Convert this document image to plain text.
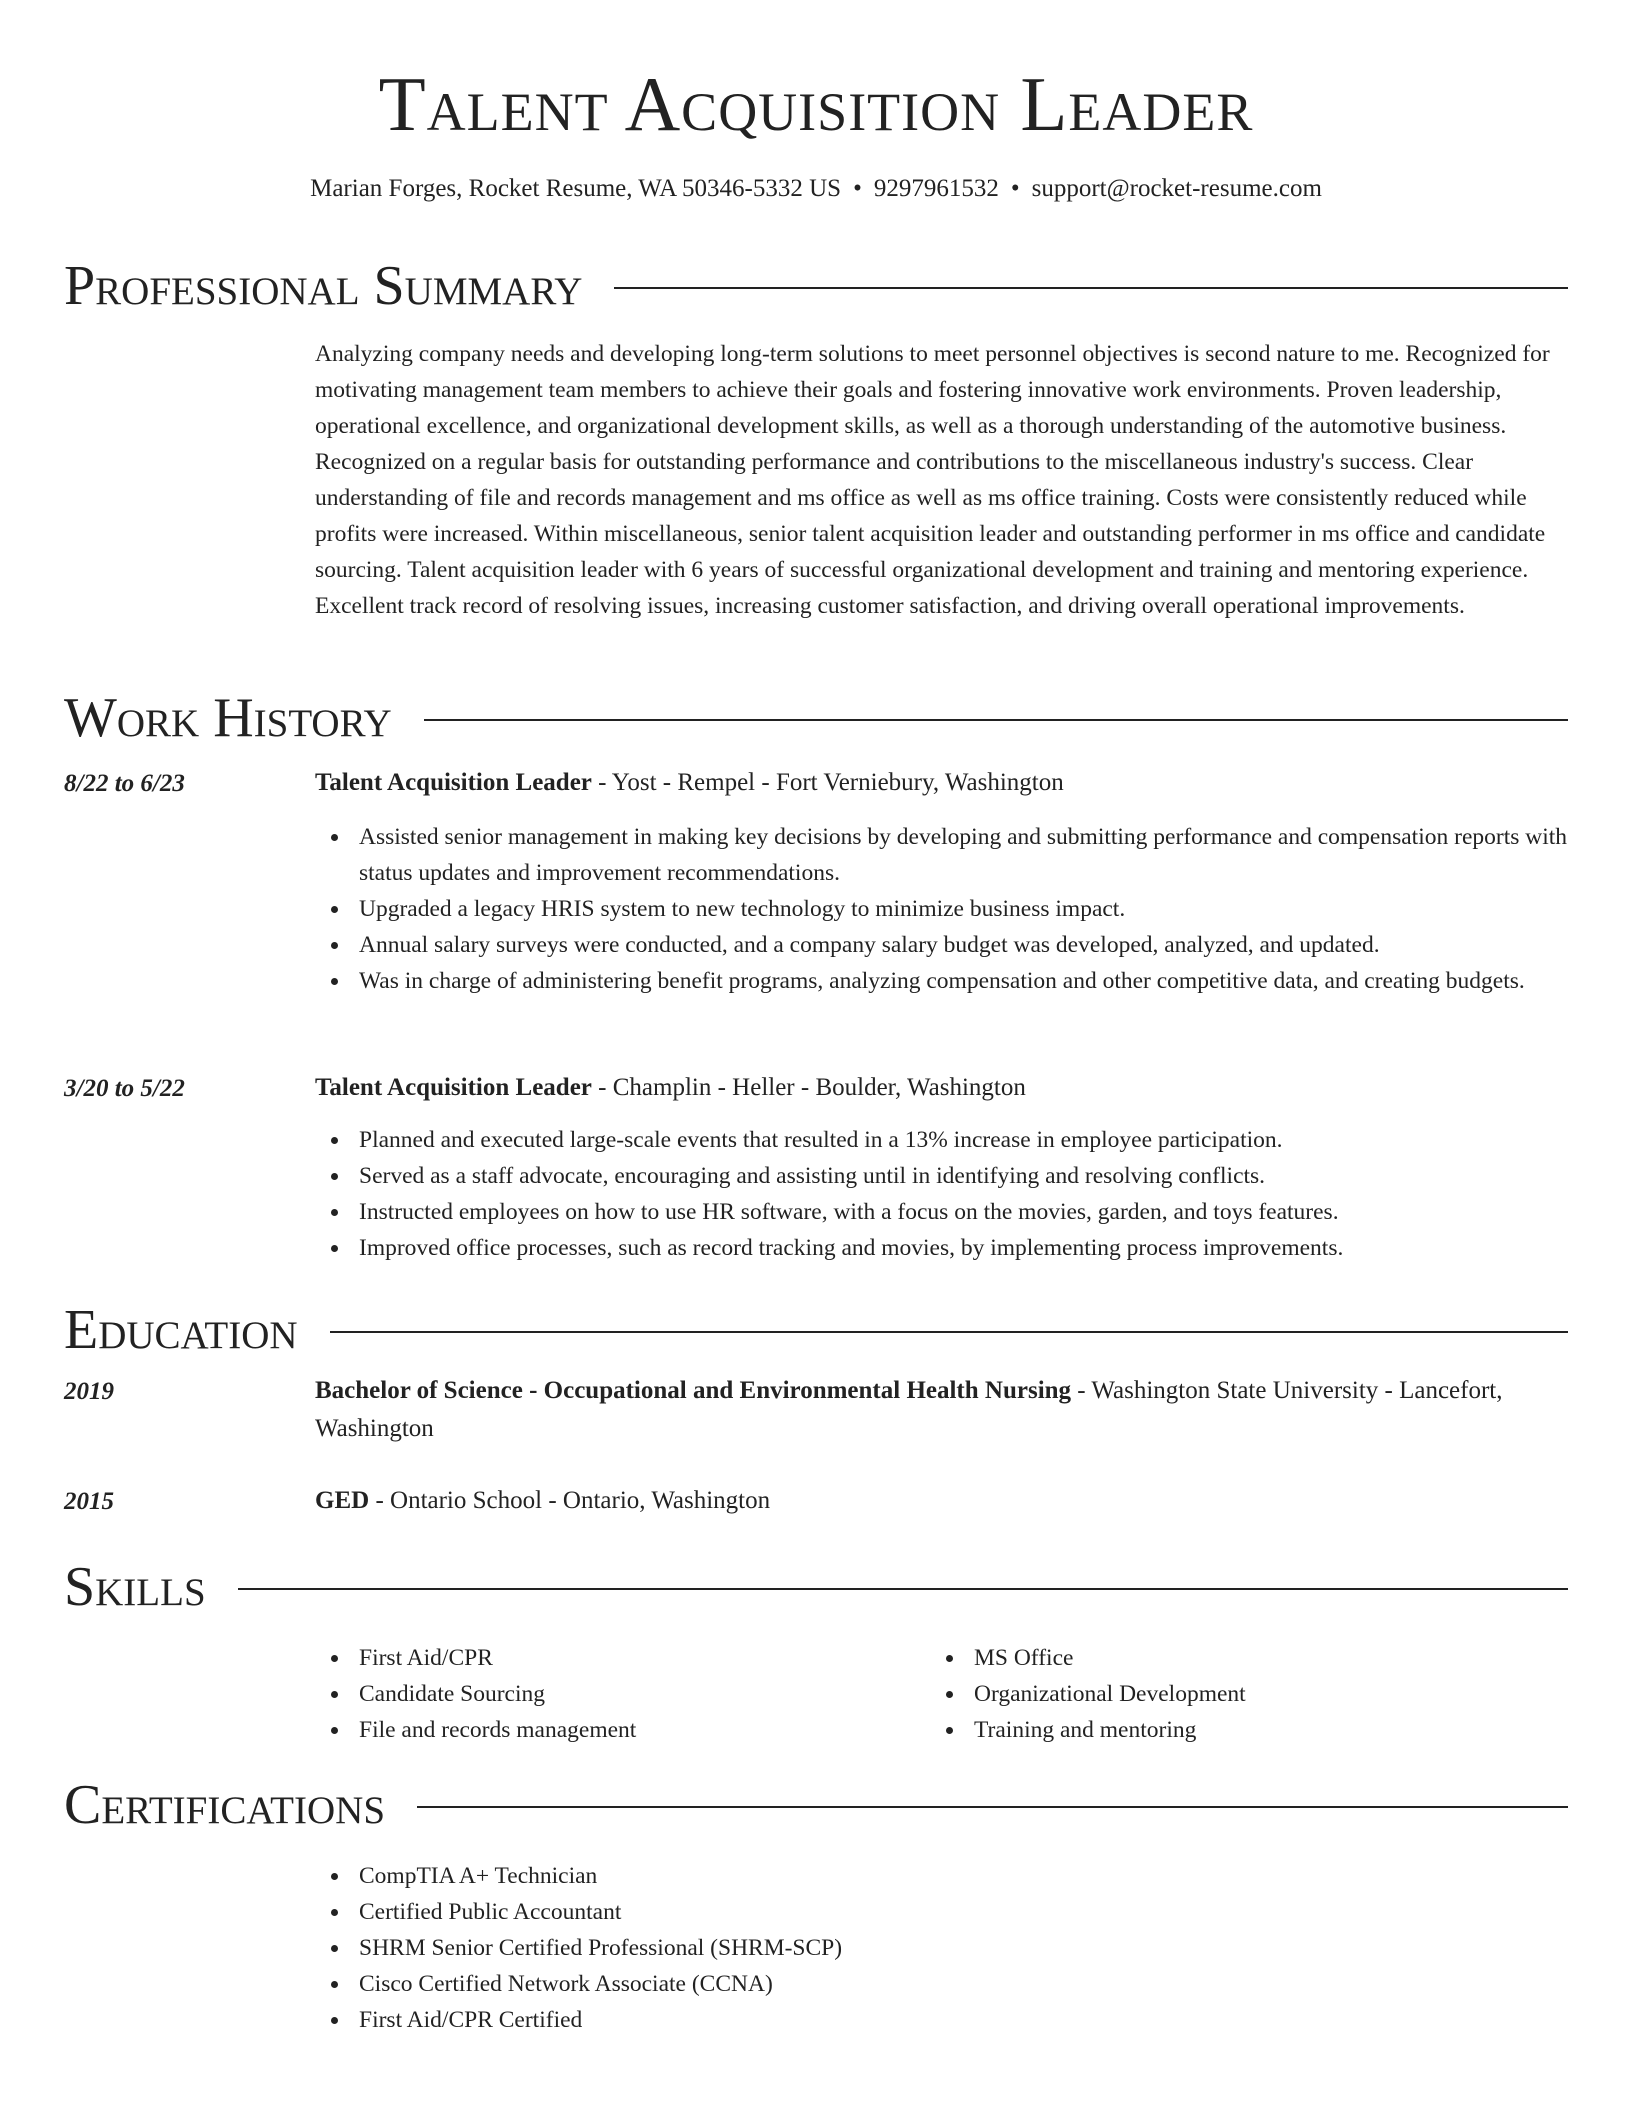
Talent Acquisition Leader
Marian Forges, Rocket Resume, WA 50346-5332 US • 9297961532 • support@rocket-resume.com
Professional Summary
Analyzing company needs and developing long-term solutions to meet personnel objectives is second nature to me. Recognized for motivating management team members to achieve their goals and fostering innovative work environments. Proven leadership, operational excellence, and organizational development skills, as well as a thorough understanding of the automotive business. Recognized on a regular basis for outstanding performance and contributions to the miscellaneous industry's success. Clear understanding of file and records management and ms office as well as ms office training. Costs were consistently reduced while profits were increased. Within miscellaneous, senior talent acquisition leader and outstanding performer in ms office and candidate sourcing. Talent acquisition leader with 6 years of successful organizational development and training and mentoring experience. Excellent track record of resolving issues, increasing customer satisfaction, and driving overall operational improvements.
Work History
8/22 to 6/23	Talent Acquisition Leader - Yost - Rempel - Fort Verniebury, Washington
Assisted senior management in making key decisions by developing and submitting performance and compensation reports with status updates and improvement recommendations.
Upgraded a legacy HRIS system to new technology to minimize business impact.
Annual salary surveys were conducted, and a company salary budget was developed, analyzed, and updated.
Was in charge of administering benefit programs, analyzing compensation and other competitive data, and creating budgets.
3/20 to 5/22	Talent Acquisition Leader - Champlin - Heller - Boulder, Washington
Planned and executed large-scale events that resulted in a 13% increase in employee participation.
Served as a staff advocate, encouraging and assisting until in identifying and resolving conflicts.
Instructed employees on how to use HR software, with a focus on the movies, garden, and toys features.
Improved office processes, such as record tracking and movies, by implementing process improvements.
Education
2019	Bachelor of Science - Occupational and Environmental Health Nursing - Washington State University - Lancefort, Washington
2015	GED - Ontario School - Ontario, Washington
Skills
First Aid/CPR
Candidate Sourcing
File and records management
MS Office
Organizational Development
Training and mentoring
Certifications
CompTIA A+ Technician
Certified Public Accountant
SHRM Senior Certified Professional (SHRM-SCP)
Cisco Certified Network Associate (CCNA)
First Aid/CPR Certified
